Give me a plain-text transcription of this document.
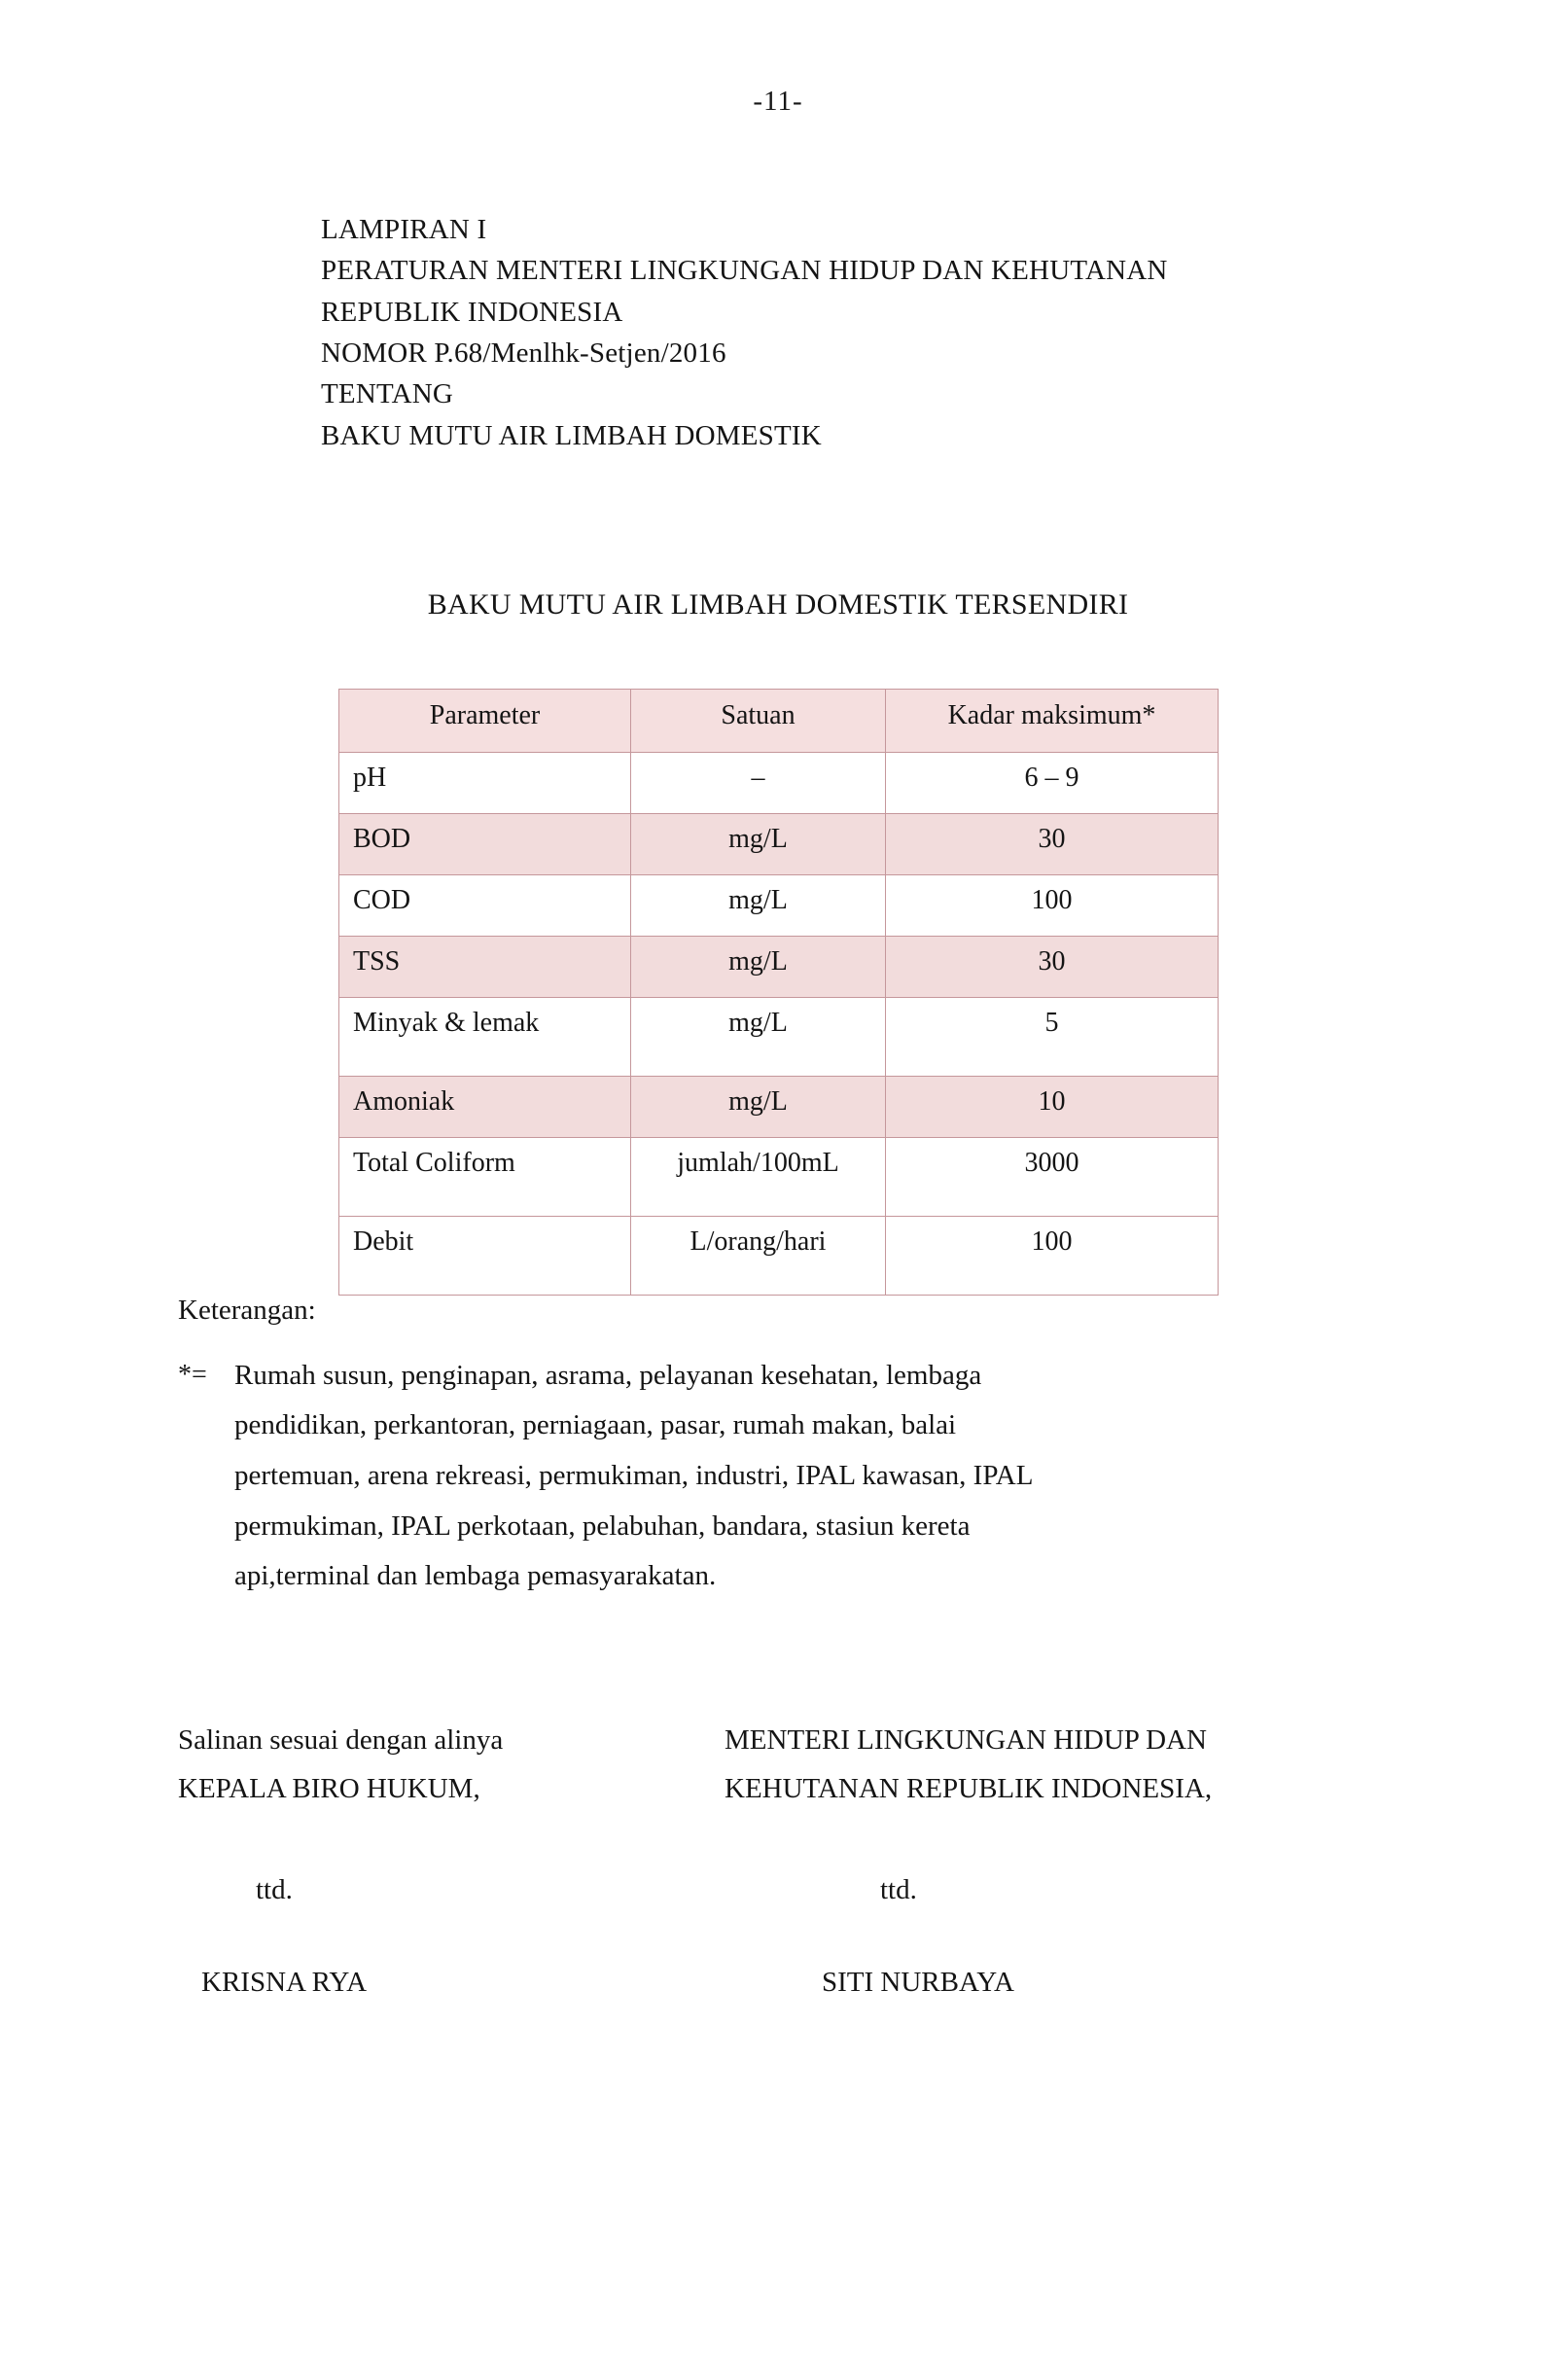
-11-
LAMPIRAN I
PERATURAN MENTERI LINGKUNGAN HIDUP DAN KEHUTANAN
REPUBLIK INDONESIA
NOMOR P.68/Menlhk-Setjen/2016
TENTANG
BAKU MUTU AIR LIMBAH DOMESTIK
BAKU MUTU AIR LIMBAH DOMESTIK TERSENDIRI
Parameter	Satuan	Kadar maksimum*
pH	–	6 – 9
BOD	mg/L	30
COD	mg/L	100
TSS	mg/L	30
Minyak & lemak	mg/L	5
Amoniak	mg/L	10
Total Coliform	jumlah/100mL	3000
Debit	L/orang/hari	100
Keterangan:
*= Rumah susun, penginapan, asrama, pelayanan kesehatan, lembaga
pendidikan, perkantoran, perniagaan, pasar, rumah makan, balai
pertemuan, arena rekreasi, permukiman, industri, IPAL kawasan, IPAL
permukiman, IPAL perkotaan, pelabuhan, bandara, stasiun kereta
api,terminal dan lembaga pemasyarakatan.
Salinan sesuai dengan alinya
KEPALA BIRO HUKUM,
ttd.
KRISNA RYA
MENTERI LINGKUNGAN HIDUP DAN
KEHUTANAN REPUBLIK INDONESIA,
ttd.
SITI NURBAYA
